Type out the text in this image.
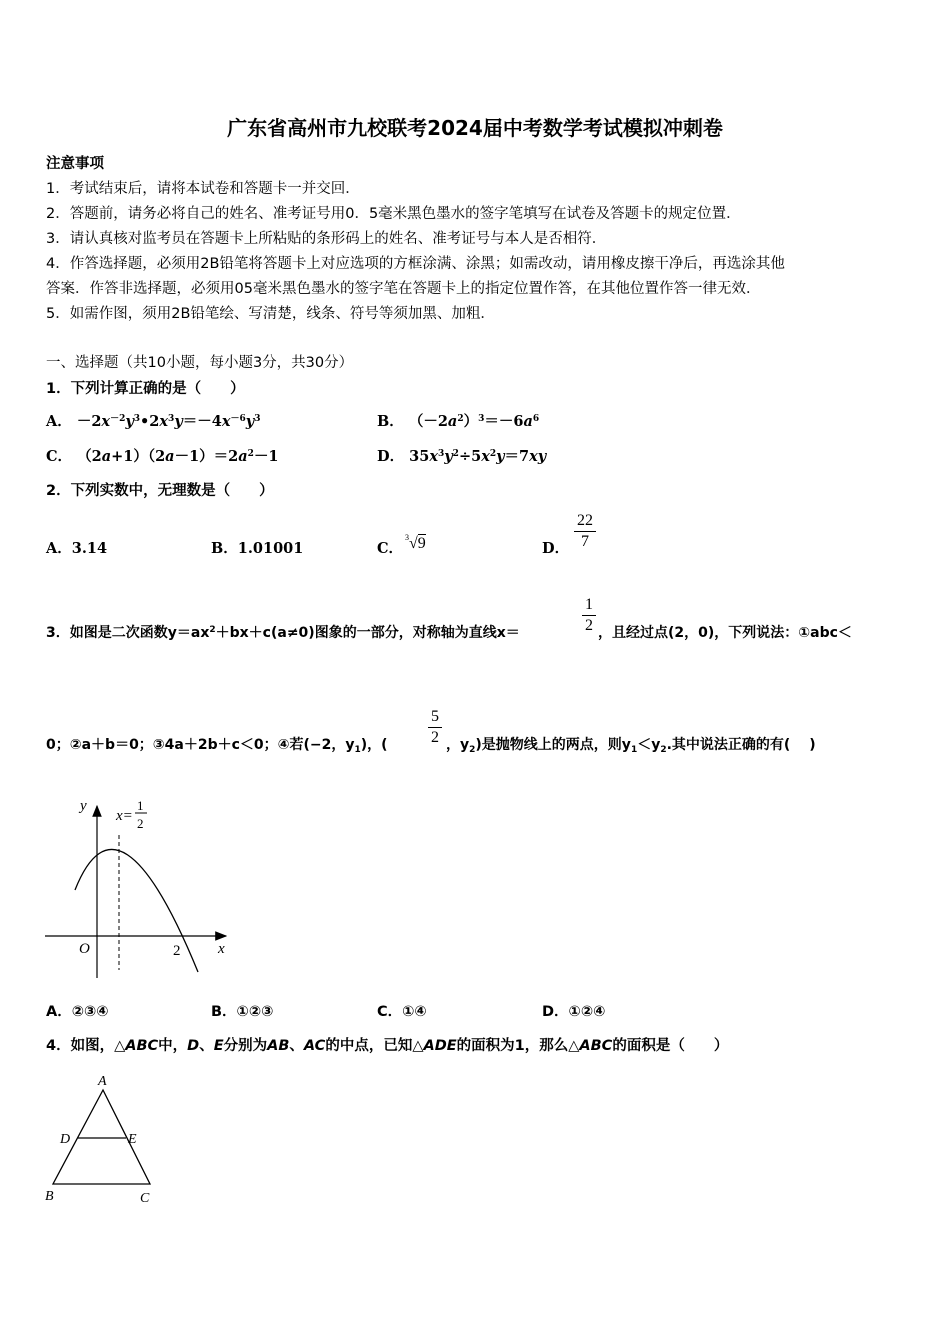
广东省高州市九校联考2024届中考数学考试模拟冲刺卷
注意事项
1．考试结束后，请将本试卷和答题卡一并交回．
2．答题前，请务必将自己的姓名、准考证号用0．5毫米黑色墨水的签字笔填写在试卷及答题卡的规定位置．
3．请认真核对监考员在答题卡上所粘贴的条形码上的姓名、准考证号与本人是否相符．
4．作答选择题，必须用2B铅笔将答题卡上对应选项的方框涂满、涂黑；如需改动，请用橡皮擦干净后，再选涂其他
答案．作答非选择题，必须用05毫米黑色墨水的签字笔在答题卡上的指定位置作答，在其他位置作答一律无效．
5．如需作图，须用2B铅笔绘、写清楚，线条、符号等须加黑、加粗．
一、选择题（共10小题，每小题3分，共30分）
1．下列计算正确的是（　　）
A． $-2x^{-2}y^3•2x^3y=-4x^{-6}y^3$	B． $(-2a^2)^3=-6a^6$
C． $(2a+1)(2a-1)=2a^2-1$	D． $35x^3y^2\div 5x^2y=7xy$
2．下列实数中，无理数是（　　）
A．3.14	B．1.01001	C．
$^3$√9	D．
22
7
3．如图是二次函数$y=ax^2+bx+c(a\ne 0)$图象的一部分，对称轴为直线x＝
1
2 ，且经过点(2，0)，下列说法：①abc＜
0；②a＋b＝0；③4a＋2b＋c＜0；④若(−2，$y_1$)，(
5
2 ，$y_2$)是抛物线上的两点，则$y_1<y_2$.其中说法正确的有(　 )
y
x
O	2
x=
1
2
A．②③④	B．①②③	C．①④	D．①②④
4．如图，△ABC中，D、E分别为AB、AC的中点，已知△ADE的面积为1，那么△ABC的面积是（　　）
A
B	C
D	E
